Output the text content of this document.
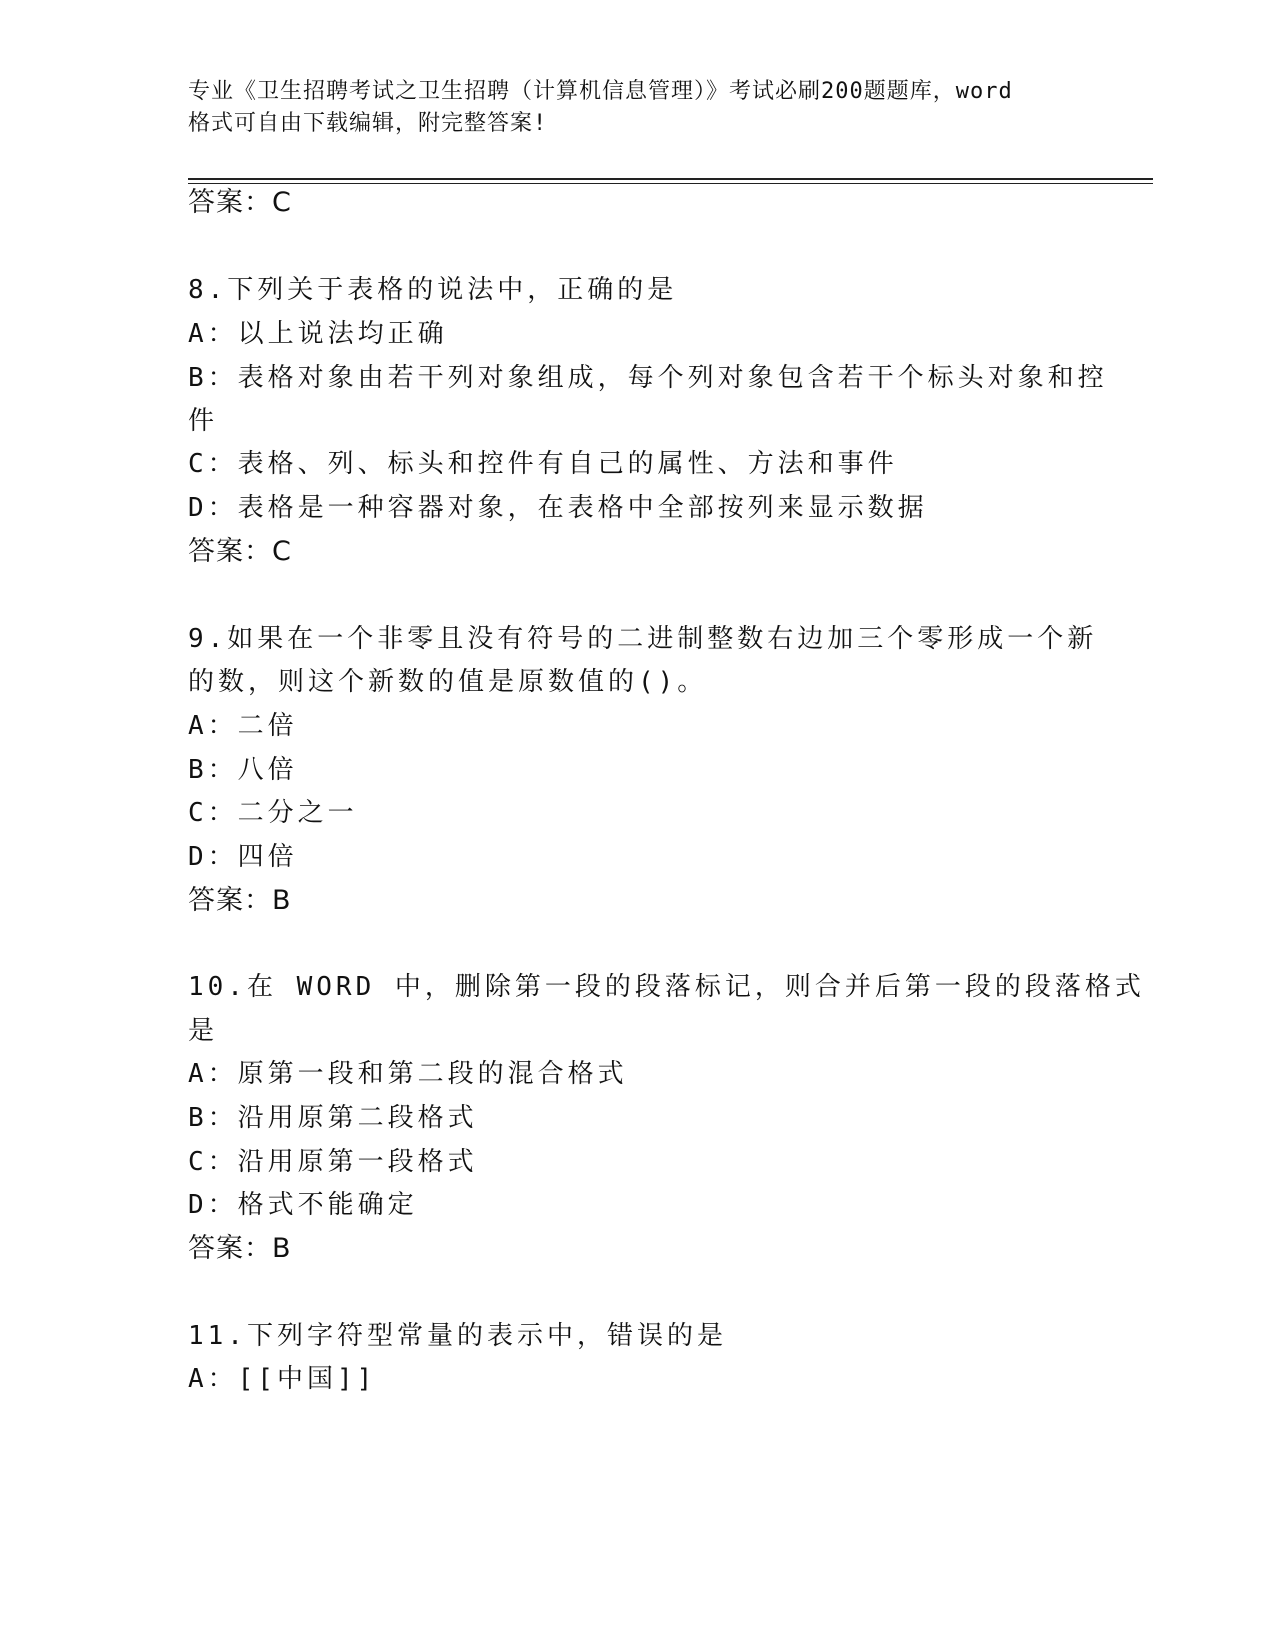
专业《卫生招聘考试之卫生招聘（计算机信息管理）》考试必刷200题题库，word
格式可自由下载编辑，附完整答案!
答案：C
8.下列关于表格的说法中，正确的是
A：以上说法均正确
B：表格对象由若干列对象组成，每个列对象包含若干个标头对象和控
件
C：表格、列、标头和控件有自己的属性、方法和事件
D：表格是一种容器对象，在表格中全部按列来显示数据
答案：C
9.如果在一个非零且没有符号的二进制整数右边加三个零形成一个新
的数，则这个新数的值是原数值的()。
A：二倍
B：八倍
C：二分之一
D：四倍
答案：B
10.在 WORD 中，删除第一段的段落标记，则合并后第一段的段落格式
是
A：原第一段和第二段的混合格式
B：沿用原第二段格式
C：沿用原第一段格式
D：格式不能确定
答案：B
11.下列字符型常量的表示中，错误的是
A：[[中国]]
